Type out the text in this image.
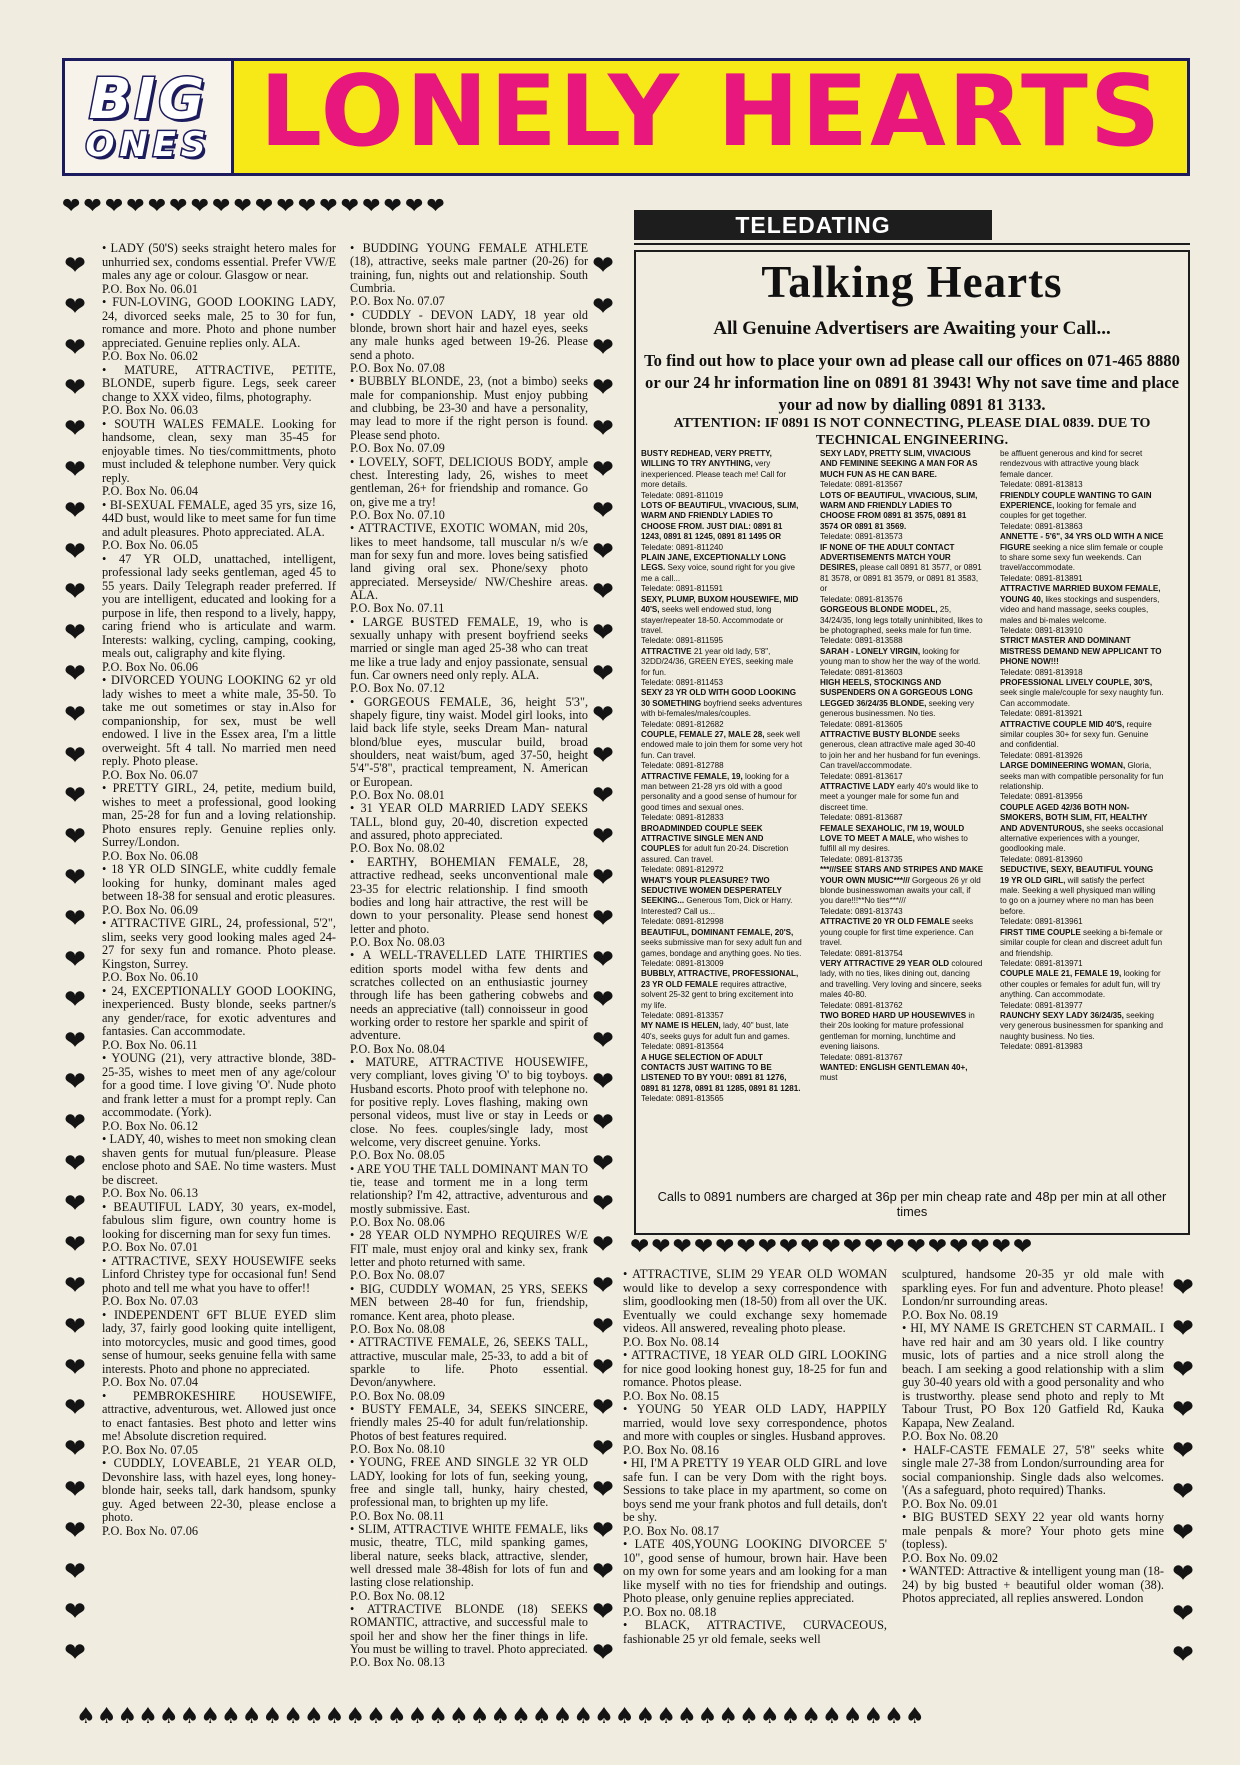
BIG
ONES LONELY HEARTS
❤❤❤❤❤❤❤❤❤❤❤❤❤❤❤❤❤❤
❤❤❤❤❤❤❤❤❤❤❤❤❤❤❤❤❤❤❤
♠♠♠♠♠♠♠♠♠♠♠♠♠♠♠♠♠♠♠♠♠♠♠♠♠♠♠♠♠♠♠♠♠♠♠♠♠♠♠♠♠
❤
❤
❤
❤
❤
❤
❤
❤
❤
❤
❤
❤
❤
❤
❤
❤
❤
❤
❤
❤
❤
❤
❤
❤
❤
❤
❤
❤
❤
❤
❤
❤
❤
❤
❤
❤
❤
❤
❤
❤
❤
❤
❤
❤
❤
❤
❤
❤
❤
❤
❤
❤
❤
❤
❤
❤
❤
❤
❤
❤
❤
❤
❤
❤
❤
❤
❤
❤
❤
❤
❤
❤
❤
❤
❤
❤
❤
❤
❤
❤
• LADY (50'S) seeks straight hetero males for unhurried sex, condoms essential. Prefer VW/E males any age or colour. Glasgow or near.
P.O. Box No. 06.01
• FUN-LOVING, GOOD LOOKING LADY, 24, divorced seeks male, 25 to 30 for fun, romance and more. Photo and phone number appreciated. Genuine replies only. ALA.
P.O. Box No. 06.02
• MATURE, ATTRACTIVE, PETITE, BLONDE, superb figure. Legs, seek career change to XXX video, films, photography.
P.O. Box No. 06.03
• SOUTH WALES FEMALE. Looking for handsome, clean, sexy man 35-45 for enjoyable times. No ties/committments, photo must included & telephone number. Very quick reply.
P.O. Box No. 06.04
• BI-SEXUAL FEMALE, aged 35 yrs, size 16, 44D bust, would like to meet same for fun time and adult pleasures. Photo appreciated. ALA.
P.O. Box No. 06.05
• 47 YR OLD, unattached, intelligent, professional lady seeks gentleman, aged 45 to 55 years. Daily Telegraph reader preferred. If you are intelligent, educated and looking for a purpose in life, then respond to a lively, happy, caring friend who is articulate and warm. Interests: walking, cycling, camping, cooking, meals out, caligraphy and kite flying.
P.O. Box No. 06.06
• DIVORCED YOUNG LOOKING 62 yr old lady wishes to meet a white male, 35-50. To take me out sometimes or stay in.Also for companionship, for sex, must be well endowed. I live in the Essex area, I'm a little overweight. 5ft 4 tall. No married men need reply. Photo please.
P.O. Box No. 06.07
• PRETTY GIRL, 24, petite, medium build, wishes to meet a professional, good looking man, 25-28 for fun and a loving relationship. Photo ensures reply. Genuine replies only. Surrey/London.
P.O. Box No. 06.08
• 18 YR OLD SINGLE, white cuddly female looking for hunky, dominant males aged between 18-38 for sensual and erotic pleasures.
P.O. Box No. 06.09
• ATTRACTIVE GIRL, 24, professional, 5'2", slim, seeks very good looking males aged 24-27 for sexy fun and romance. Photo please. Kingston, Surrey.
P.O. Box No. 06.10
• 24, EXCEPTIONALLY GOOD LOOKING, inexperienced. Busty blonde, seeks partner/s any gender/race, for exotic adventures and fantasies. Can accommodate.
P.O. Box No. 06.11
• YOUNG (21), very attractive blonde, 38D-25-35, wishes to meet men of any age/colour for a good time. I love giving 'O'. Nude photo and frank letter a must for a prompt reply. Can accommodate. (York).
P.O. Box No. 06.12
• LADY, 40, wishes to meet non smoking clean shaven gents for mutual fun/pleasure. Please enclose photo and SAE. No time wasters. Must be discreet.
P.O. Box No. 06.13
• BEAUTIFUL LADY, 30 years, ex-model, fabulous slim figure, own country home is looking for discerning man for sexy fun times.
P.O. Box No. 07.01
• ATTRACTIVE, SEXY HOUSEWIFE seeks Linford Christey type for occasional fun! Send photo and tell me what you have to offer!!
P.O. Box No. 07.03
• INDEPENDENT 6FT BLUE EYED slim lady, 37, fairly good looking quite intelligent, into motorcycles, music and good times, good sense of humour, seeks genuine fella with same interests. Photo and phone no appreciated.
P.O. Box No. 07.04
• PEMBROKESHIRE HOUSEWIFE, attractive, adventurous, wet. Allowed just once to enact fantasies. Best photo and letter wins me! Absolute discretion required.
P.O. Box No. 07.05
• CUDDLY, LOVEABLE, 21 YEAR OLD, Devonshire lass, with hazel eyes, long honey-blonde hair, seeks tall, dark handsom, spunky guy. Aged between 22-30, please enclose a photo.
P.O. Box No. 07.06
• BUDDING YOUNG FEMALE ATHLETE (18), attractive, seeks male partner (20-26) for training, fun, nights out and relationship. South Cumbria.
P.O. Box No. 07.07
• CUDDLY - DEVON LADY, 18 year old blonde, brown short hair and hazel eyes, seeks any male hunks aged between 19-26. Please send a photo.
P.O. Box No. 07.08
• BUBBLY BLONDE, 23, (not a bimbo) seeks male for companionship. Must enjoy pubbing and clubbing, be 23-30 and have a personality, may lead to more if the right person is found. Please send photo.
P.O. Box No. 07.09
• LOVELY, SOFT, DELICIOUS BODY, ample chest. Interesting lady, 26, wishes to meet gentleman, 26+ for friendship and romance. Go on, give me a try!
P.O. Box No. 07.10
• ATTRACTIVE, EXOTIC WOMAN, mid 20s, likes to meet handsome, tall muscular n/s w/e man for sexy fun and more. loves being satisfied land giving oral sex. Phone/sexy photo appreciated. Merseyside/ NW/Cheshire areas. ALA.
P.O. Box No. 07.11
• LARGE BUSTED FEMALE, 19, who is sexually unhapy with present boyfriend seeks married or single man aged 25-38 who can treat me like a true lady and enjoy passionate, sensual fun. Car owners need only reply. ALA.
P.O. Box No. 07.12
• GORGEOUS FEMALE, 36, height 5'3", shapely figure, tiny waist. Model girl looks, into laid back life style, seeks Dream Man- natural blond/blue eyes, muscular build, broad shoulders, neat waist/bum, aged 37-50, height 5'4"-5'8", practical tempreament, N. American or European.
P.O. Box No. 08.01
• 31 YEAR OLD MARRIED LADY SEEKS TALL, blond guy, 20-40, discretion expected and assured, photo appreciated.
P.O. Box No. 08.02
• EARTHY, BOHEMIAN FEMALE, 28, attractive redhead, seeks unconventional male 23-35 for electric relationship. I find smooth bodies and long hair attractive, the rest will be down to your personality. Please send honest letter and photo.
P.O. Box No. 08.03
• A WELL-TRAVELLED LATE THIRTIES edition sports model witha few dents and scratches collected on an enthusiastic journey through life has been gathering cobwebs and needs an appreciative (tall) connoisseur in good working order to restore her sparkle and spirit of adventure.
P.O. Box No. 08.04
• MATURE, ATTRACTIVE HOUSEWIFE, very compliant, loves giving 'O' to big toyboys. Husband escorts. Photo proof with telephone no. for positive reply. Loves flashing, making own personal videos, must live or stay in Leeds or close. No fees. couples/single lady, most welcome, very discreet genuine. Yorks.
P.O. Box No. 08.05
• ARE YOU THE TALL DOMINANT MAN TO tie, tease and torment me in a long term relationship? I'm 42, attractive, adventurous and mostly submissive. East.
P.O. Box No. 08.06
• 28 YEAR OLD NYMPHO REQUIRES W/E FIT male, must enjoy oral and kinky sex, frank letter and photo returned with same.
P.O. Box No. 08.07
• BIG, CUDDLY WOMAN, 25 YRS, SEEKS MEN between 28-40 for fun, friendship, romance. Kent area, photo please.
P.O. Box No. 08.08
• ATTRACTIVE FEMALE, 26, SEEKS TALL, attractive, muscular male, 25-33, to add a bit of sparkle to life. Photo essential. Devon/anywhere.
P.O. Box No. 08.09
• BUSTY FEMALE, 34, SEEKS SINCERE, friendly males 25-40 for adult fun/relationship. Photos of best features required.
P.O. Box No. 08.10
• YOUNG, FREE AND SINGLE 32 YR OLD LADY, looking for lots of fun, seeking young, free and single tall, hunky, hairy chested, professional man, to brighten up my life.
P.O. Box No. 08.11
• SLIM, ATTRACTIVE WHITE FEMALE, liks music, theatre, TLC, mild spanking games, liberal nature, seeks black, attractive, slender, well dressed male 38-48ish for lots of fun and lasting close relationship.
P.O. Box No. 08.12
• ATTRACTIVE BLONDE (18) SEEKS ROMANTIC, attractive, and successful male to spoil her and show her the finer things in life. You must be willing to travel. Photo appreciated.
P.O. Box No. 08.13
• ATTRACTIVE, SLIM 29 YEAR OLD WOMAN would like to develop a sexy correspondence with slim, goodlooking men (18-50) from all over the UK. Eventually we could exchange sexy homemade videos. All answered, revealing photo please.
P.O. Box No. 08.14
• ATTRACTIVE, 18 YEAR OLD GIRL LOOKING for nice good looking honest guy, 18-25 for fun and romance. Photos please.
P.O. Box No. 08.15
• YOUNG 50 YEAR OLD LADY, HAPPILY married, would love sexy correspondence, photos and more with couples or singles. Husband approves.
P.O. Box No. 08.16
• HI, I'M A PRETTY 19 YEAR OLD GIRL and love safe fun. I can be very Dom with the right boys. Sessions to take place in my apartment, so come on boys send me your frank photos and full details, don't be shy.
P.O. Box No. 08.17
• LATE 40S,YOUNG LOOKING DIVORCEE 5' 10", good sense of humour, brown hair. Have been on my own for some years and am looking for a man like myself with no ties for friendship and outings. Photo please, only genuine replies appreciated.
P.O. Box no. 08.18
• BLACK, ATTRACTIVE, CURVACEOUS, fashionable 25 yr old female, seeks well
sculptured, handsome 20-35 yr old male with sparkling eyes. For fun and adventure. Photo please! London/nr surrounding areas.
P.O. Box No. 08.19
• HI, MY NAME IS GRETCHEN ST CARMAIL. I have red hair and am 30 years old. I like country music, lots of parties and a nice stroll along the beach. I am seeking a good relationship with a slim guy 30-40 years old with a good personality and who is trustworthy. please send photo and reply to Mt Tabour Trust, PO Box 120 Gatfield Rd, Kauka Kapapa, New Zealand.
P.O. Box No. 08.20
• HALF-CASTE FEMALE 27, 5'8" seeks white single male 27-38 from London/surrounding area for social companionship. Single dads also welcomes. '(As a safeguard, photo required) Thanks.
P.O. Box No. 09.01
• BIG BUSTED SEXY 22 year old wants horny male penpals & more? Your photo gets mine (topless).
P.O. Box No. 09.02
• WANTED: Attractive & intelligent young man (18-24) by big busted + beautiful older woman (38). Photos appreciated, all replies answered. London
TELEDATING
Talking Hearts
All Genuine Advertisers are Awaiting your Call...
To find out how to place your own ad please call our offices on 071-465 8880 or our 24 hr information line on 0891 81 3943! Why not save time and place your ad now by dialling 0891 81 3133.
ATTENTION: IF 0891 IS NOT CONNECTING, PLEASE DIAL 0839. DUE TO TECHNICAL ENGINEERING.
BUSTY REDHEAD, VERY PRETTY, WILLING TO TRY ANYTHING, very inexperienced. Please teach me! Call for more details.
Teledate: 0891-811019
LOTS OF BEAUTIFUL, VIVACIOUS, SLIM, WARM AND FRIENDLY LADIES TO CHOOSE FROM. JUST DIAL: 0891 81 1243, 0891 81 1245, 0891 81 1495 OR
Teledate: 0891-811240
PLAIN JANE, EXCEPTIONALLY LONG LEGS. Sexy voice, sound right for you give me a call...
Teledate: 0891-811591
SEXY, PLUMP, BUXOM HOUSEWIFE, MID 40'S, seeks well endowed stud, long stayer/repeater 18-50. Accommodate or travel.
Teledate: 0891-811595
ATTRACTIVE 21 year old lady, 5'8", 32DD/24/36, GREEN EYES, seeking male for fun.
Teledate: 0891-811453
SEXY 23 YR OLD WITH GOOD LOOKING 30 SOMETHING boyfriend seeks adventures with bi-females/males/couples.
Teledate: 0891-812682
COUPLE, FEMALE 27, MALE 28, seek well endowed male to join them for some very hot fun. Can travel.
Teledate: 0891-812788
ATTRACTIVE FEMALE, 19, looking for a man between 21-28 yrs old with a good personality and a good sense of humour for good times and sexual ones.
Teledate: 0891-812833
BROADMINDED COUPLE SEEK ATTRACTIVE SINGLE MEN AND COUPLES for adult fun 20-24. Discretion assured. Can travel.
Teledate: 0891-812972
WHAT'S YOUR PLEASURE? TWO SEDUCTIVE WOMEN DESPERATELY SEEKING... Generous Tom, Dick or Harry. Interested? Call us...
Teledate: 0891-812998
BEAUTIFUL, DOMINANT FEMALE, 20'S, seeks submissive man for sexy adult fun and games, bondage and anything goes. No ties.
Teledate: 0891-813009
BUBBLY, ATTRACTIVE, PROFESSIONAL, 23 YR OLD FEMALE requires attractive, solvent 25-32 gent to bring excitement into my life.
Teledate: 0891-813357
MY NAME IS HELEN, lady, 40" bust, late 40's, seeks guys for adult fun and games.
Teledate: 0891-813564
A HUGE SELECTION OF ADULT CONTACTS JUST WAITING TO BE LISTENED TO BY YOU!: 0891 81 1276, 0891 81 1278, 0891 81 1285, 0891 81 1281.
Teledate: 0891-813565
SEXY LADY, PRETTY SLIM, VIVACIOUS AND FEMININE SEEKING A MAN FOR AS MUCH FUN AS HE CAN BARE.
Teledate: 0891-813567
LOTS OF BEAUTIFUL, VIVACIOUS, SLIM, WARM AND FRIENDLY LADIES TO CHOOSE FROM 0891 81 3575, 0891 81 3574 OR 0891 81 3569.
Teledate: 0891-813573
IF NONE OF THE ADULT CONTACT ADVERTISEMENTS MATCH YOUR DESIRES, please call 0891 81 3577, or 0891 81 3578, or 0891 81 3579, or 0891 81 3583, or
Teledate: 0891-813576
GORGEOUS BLONDE MODEL, 25, 34/24/35, long legs totally uninhibited, likes to be photographed, seeks male for fun time.
Teledate: 0891-813588
SARAH - LONELY VIRGIN, looking for young man to show her the way of the world.
Teledate: 0891-813603
HIGH HEELS, STOCKINGS AND SUSPENDERS ON A GORGEOUS LONG LEGGED 36/24/35 BLONDE, seeking very generous businessmen. No ties.
Teledate: 0891-813605
ATTRACTIVE BUSTY BLONDE seeks generous, clean attractive male aged 30-40 to join her and her husband for fun evenings. Can travel/accommodate.
Teledate: 0891-813617
ATTRACTIVE LADY early 40's would like to meet a younger male for some fun and discreet time.
Teledate: 0891-813687
FEMALE SEXAHOLIC, I'M 19, WOULD LOVE TO MEET A MALE, who wishes to fulfill all my desires.
Teledate: 0891-813735
***///SEE STARS AND STRIPES AND MAKE YOUR OWN MUSIC***/// Gorgeous 26 yr old blonde businesswoman awaits your call, if you dare!!!**No ties***///
Teledate: 0891-813743
ATTRACTIVE 20 YR OLD FEMALE seeks young couple for first time experience. Can travel.
Teledate: 0891-813754
VERY ATTRACTIVE 29 YEAR OLD coloured lady, with no ties, likes dining out, dancing and travelling. Very loving and sincere, seeks males 40-80.
Teledate: 0891-813762
TWO BORED HARD UP HOUSEWIVES in their 20s looking for mature professional gentleman for morning, lunchtime and evening liaisons.
Teledate: 0891-813767
WANTED: ENGLISH GENTLEMAN 40+, must
be affluent generous and kind for secret rendezvous with attractive young black female dancer.
Teledate: 0891-813813
FRIENDLY COUPLE WANTING TO GAIN EXPERIENCE, looking for female and couples for get together.
Teledate: 0891-813863
ANNETTE - 5'6", 34 YRS OLD WITH A NICE FIGURE seeking a nice slim female or couple to share some sexy fun weekends. Can travel/accommodate.
Teledate: 0891-813891
ATTRACTIVE MARRIED BUXOM FEMALE, YOUNG 40, likes stockings and suspenders, video and hand massage, seeks couples, males and bi-males welcome.
Teledate: 0891-813910
STRICT MASTER AND DOMINANT MISTRESS DEMAND NEW APPLICANT TO PHONE NOW!!!
Teledate: 0891-813918
PROFESSIONAL LIVELY COUPLE, 30'S, seek single male/couple for sexy naughty fun. Can accommodate.
Teledate: 0891-813921
ATTRACTIVE COUPLE MID 40'S, require similar couples 30+ for sexy fun. Genuine and confidential.
Teledate: 0891-813926
LARGE DOMINEERING WOMAN, Gloria, seeks man with compatible personality for fun relationship.
Teledate: 0891-813956
COUPLE AGED 42/36 BOTH NON-SMOKERS, BOTH SLIM, FIT, HEALTHY AND ADVENTUROUS, she seeks occasional alternative experiences with a younger, goodlooking male.
Teledate: 0891-813960
SEDUCTIVE, SEXY, BEAUTIFUL YOUNG 19 YR OLD GIRL, will satisfy the perfect male. Seeking a well physiqued man willing to go on a journey where no man has been before.
Teledate: 0891-813961
FIRST TIME COUPLE seeking a bi-female or similar couple for clean and discreet adult fun and friendship.
Teledate: 0891-813971
COUPLE MALE 21, FEMALE 19, looking for other couples or females for adult fun, will try anything. Can accommodate.
Teledate: 0891-813977
RAUNCHY SEXY LADY 36/24/35, seeking very generous businessmen for spanking and naughty business. No ties.
Teledate: 0891-813983
Calls to 0891 numbers are charged at 36p per min cheap rate and 48p per min at all other times
